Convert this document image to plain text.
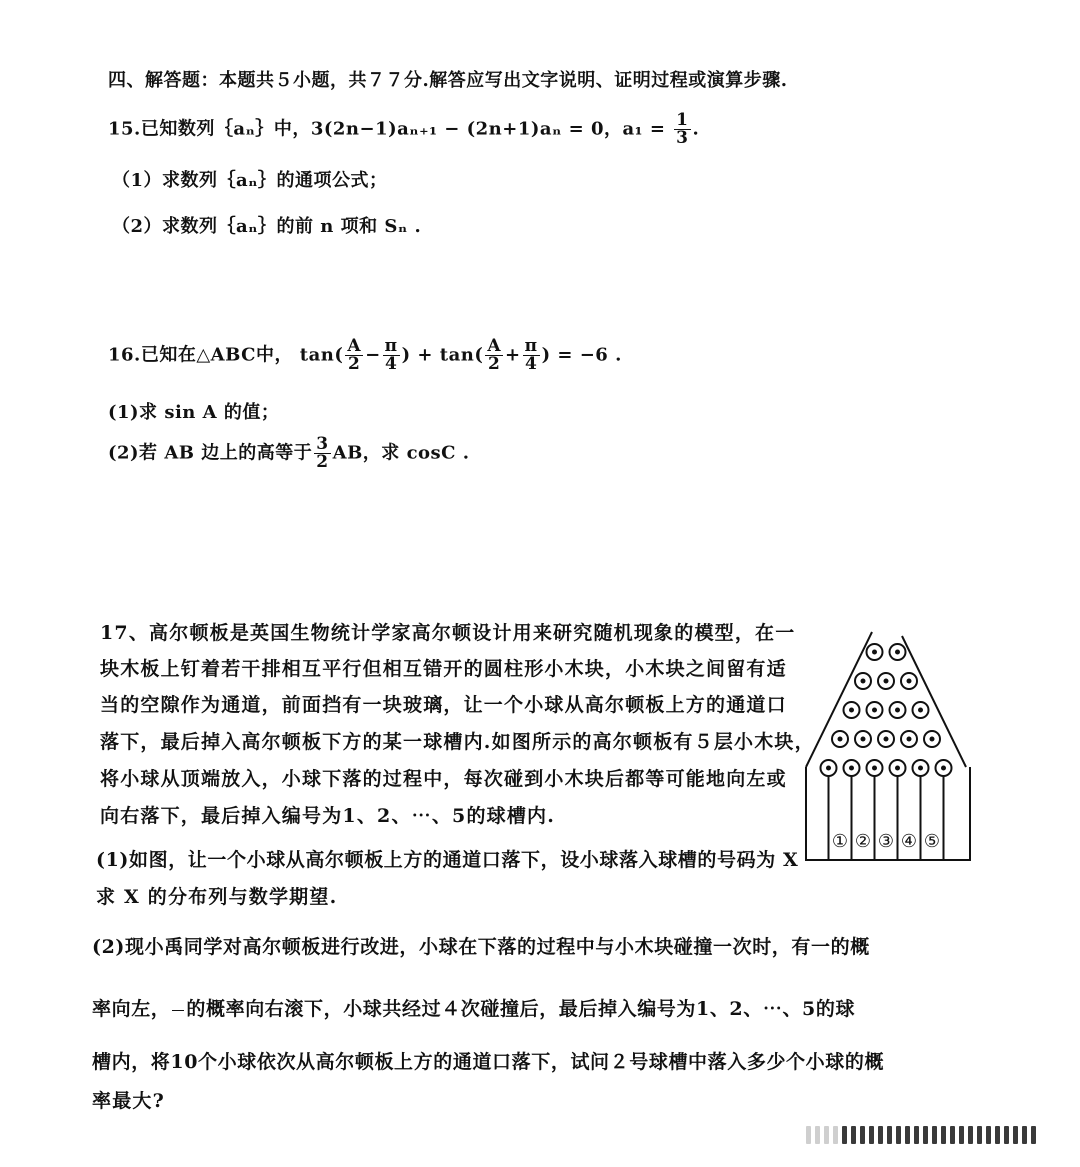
四、解答题：本题共５小题，共７７分.解答应写出文字说明、证明过程或演算步骤.
15.已知数列｛aₙ｝中，3(2n−1)aₙ₊₁ − (2n+1)aₙ = 0，$a_1 = \frac{1}{3}$ .
（1）求数列｛aₙ｝的通项公式；
（2）求数列｛aₙ｝的前 n 项和 Sₙ .
16.已知在△ABC中， $\tan( \frac{A}{2} - \frac{\pi}{4}$ ) + $\tan( \frac{A}{2} + \frac{\pi}{4}$ ) = −6 .
(1)求 sin A 的值；
(2)若 AB 边上的高等于 $\frac{3}{2}$ AB，求 cosC .
17、高尔顿板是英国生物统计学家高尔顿设计用来研究随机现象的模型，在一
块木板上钉着若干排相互平行但相互错开的圆柱形小木块，小木块之间留有适
当的空隙作为通道，前面挡有一块玻璃，让一个小球从高尔顿板上方的通道口
落下，最后掉入高尔顿板下方的某一球槽内.如图所示的高尔顿板有５层小木块，
将小球从顶端放入，小球下落的过程中，每次碰到小木块后都等可能地向左或
向右落下，最后掉入编号为1、2、⋯、5的球槽内.
(1)如图，让一个小球从高尔顿板上方的通道口落下，设小球落入球槽的号码为 X
求 X 的分布列与数学期望.
(2)现小禹同学对高尔顿板进行改进，小球在下落的过程中与小木块碰撞一次时，有一的概
率向左，

的概率向右滚下，小球共经过４次碰撞后，最后掉入编号为1、2、⋯、5的球
槽内，将10个小球依次从高尔顿板上方的通道口落下，试问２号球槽中落入多少个小球的概
率最大?
① ② ③ ④ ⑤
